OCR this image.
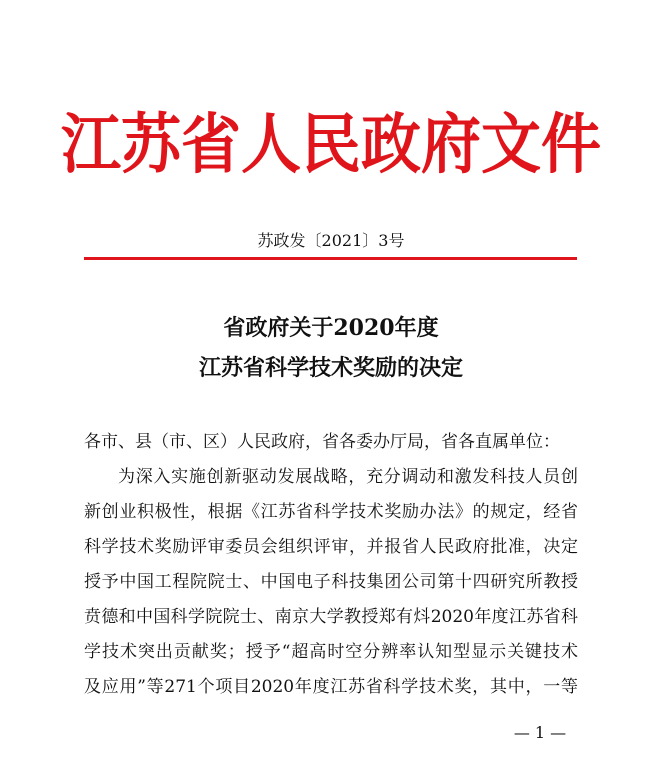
江苏省人民政府文件
苏政发〔2021〕3号
省政府关于2020年度
江苏省科学技术奖励的决定
各市、县（市、区）人民政府，省各委办厅局，省各直属单位：
为深入实施创新驱动发展战略，充分调动和激发科技人员创
新创业积极性，根据《江苏省科学技术奖励办法》的规定，经省
科学技术奖励评审委员会组织评审，并报省人民政府批准，决定
授予中国工程院院士、中国电子科技集团公司第十四研究所教授
贲德和中国科学院院士、南京大学教授郑有炓2020年度江苏省科
学技术突出贡献奖；授予“超高时空分辨率认知型显示关键技术
及应用”等271个项目2020年度江苏省科学技术奖，其中，一等
— 1 —
